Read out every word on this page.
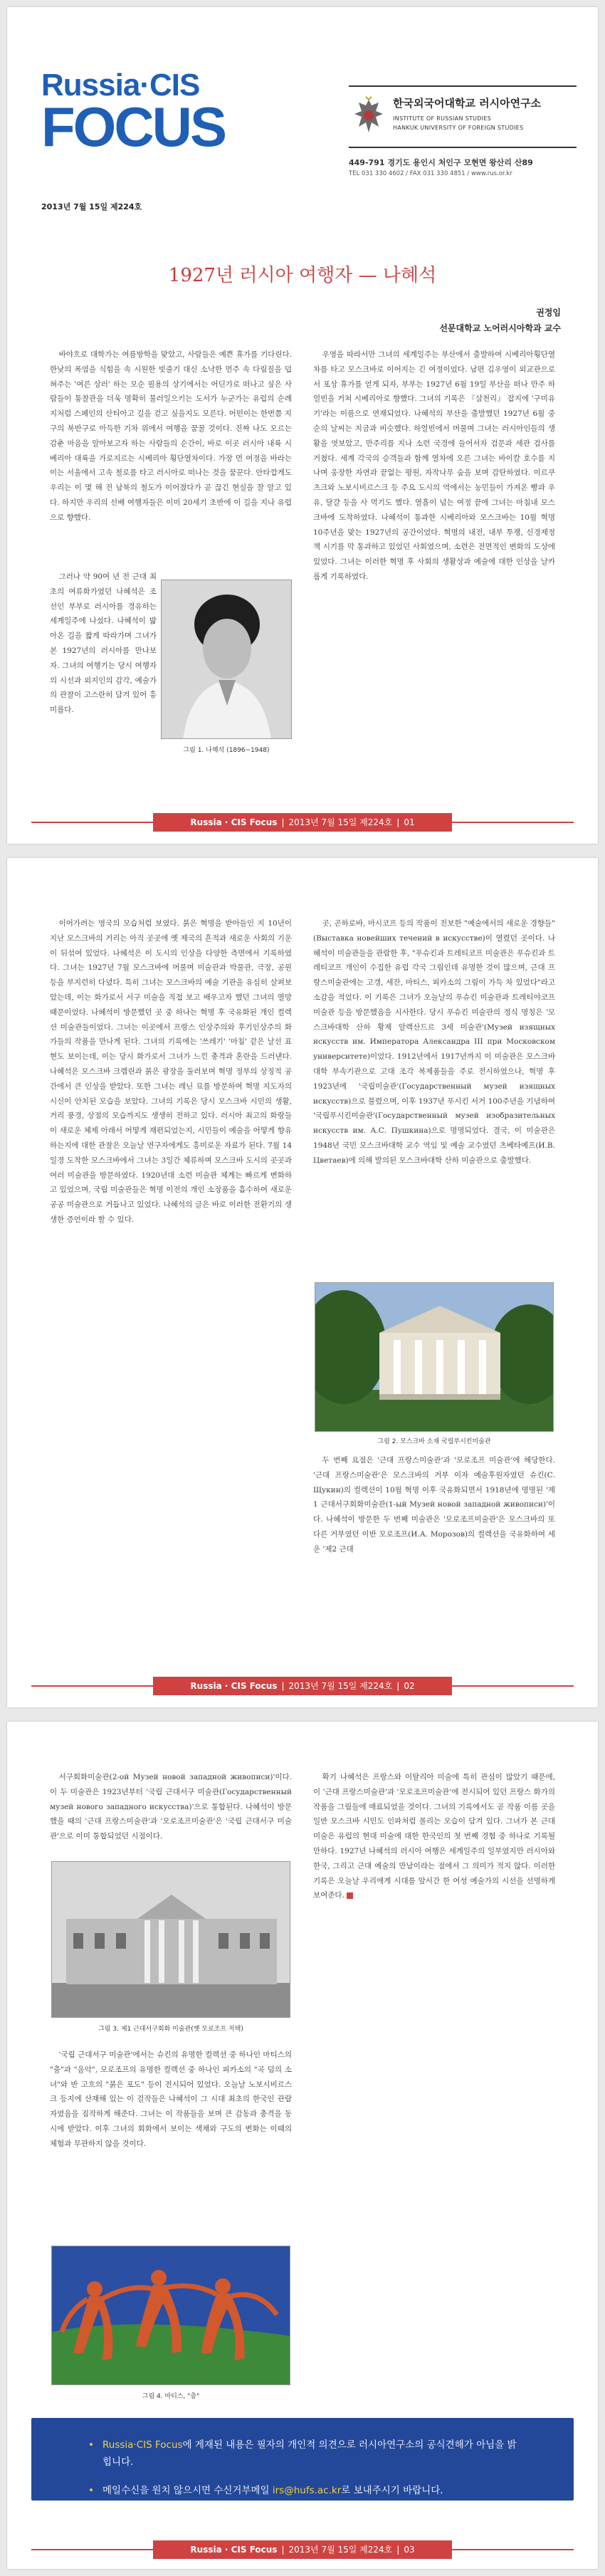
Russia·CIS
FOCUS
2013년 7월 15일 제224호
한국외국어대학교 러시아연구소
INSTITUTE OF RUSSIAN STUDIES
HANKUK UNIVERSITY OF FOREIGN STUDIES
449-791 경기도 용인시 처인구 모현면 왕산리 산89
TEL 031 330 4602 / FAX 031 330 4851 / www.rus.or.kr
1927년 러시아 여행자 — 나혜석
권정임
선문대학교 노어러시아학과 교수

바야흐로 대학가는 여름방학을 맞았고, 사람들은 예쁜 휴가를 기다린다. 한낮의 폭염을 식힘을 속 시원한 빗줄기 대신 소낙한 먼주 속 다림질을 덥혀주는 '여른 상러' 하는 모순 필용의 상기에서는 어딘가로 떠나고 싶은 사람들이 통찰관을 더욱 명확히 불러일으키는 도서가 누군가는 유럽의 순례지처럼 스페인의 산티아고 길을 걷고 싶을지도 모른다. 어떤이는 한번쯤 지구의 북반구로 아득한 기차 위에서 여행을 꿈꿀 것이다. 진짜 나도 모르는 감춘 마음을 알아보고자 하는 사람들의 순간이, 바로 이곳 러시아 내륙 시베리아 대륙을 가로지르는 시베리아 횡단열차이다. 가장 먼 여정을 바라는 이는 서울에서 고속 철로를 타고 러시아로 떠나는 것을 꿈꾼다. 안타깝게도 우리는 이 몇 해 전 남북의 철도가 이어졌다가 곧 끊긴 현실을 잘 알고 있다. 하지만 우리의 선배 여행자들은 이미 20세기 초반에 이 길을 지나 유럽으로 향했다.

그러나 약 90여 년 전 근대 최초의 여류화가였던 나혜석은 조선인 부부로 러시아를 경유하는 세계일주에 나섰다. 나혜석이 밟아온 길을 짧게 따라가며 그녀가 본 1927년의 러시아를 만나보자. 그녀의 여행기는 당시 여행자의 시선과 외지인의 감각, 예술가의 관찰이 고스란히 담겨 있어 흥미롭다.

그림 1. 나혜석 (1896~1948)

우영을 따라서만 그녀의 세계일주는 부산에서 출발하여 시베리아횡단열차를 타고 모스크바로 이어지는 긴 여정이었다. 남편 김우영이 외교관으로서 포상 휴가를 얻게 되자, 부부는 1927년 6월 19일 부산을 떠나 만주 하얼빈을 거쳐 시베리아로 향했다. 그녀의 기록은 『삼천리』 잡지에 '구미유기'라는 이름으로 연재되었다. 나혜석의 부산을 출발했던 1927년 6월 중순의 날씨는 지금과 비슷했다. 하얼빈에서 머물며 그녀는 러시아인들의 생활을 엿보았고, 만주리를 지나 소련 국경에 들어서자 검문과 세관 검사를 거쳤다. 세계 각국의 승객들과 함께 열차에 오른 그녀는 바이칼 호수를 지나며 웅장한 자연과 끝없는 평원, 자작나무 숲을 보며 감탄하였다. 이르쿠츠크와 노보시비르스크 등 주요 도시의 역에서는 농민들이 가져온 빵과 우유, 달걀 등을 사 먹기도 했다. 열흘이 넘는 여정 끝에 그녀는 마침내 모스크바에 도착하였다. 나혜석이 통과한 시베리아와 모스크바는 10월 혁명 10주년을 맞는 1927년의 공간이었다. 혁명의 내전, 내부 투쟁, 신경제정책 시기를 막 통과하고 있었던 사회였으며, 소련은 전면적인 변화의 도상에 있었다. 그녀는 이러한 혁명 후 사회의 생활상과 예술에 대한 인상을 날카롭게 기록하였다.

Russia · CIS Focus | 2013년 7월 15일 제224호 | 01

이어가려는 영국의 모습처럼 보였다. 붉은 혁명을 받아들인 지 10년이 지난 모스크바의 거리는 아직 곳곳에 옛 제국의 흔적과 새로운 사회의 기운이 뒤섞여 있었다. 나혜석은 이 도시의 인상을 다양한 측면에서 기록하였다. 그녀는 1927년 7월 모스크바에 머물며 미술관과 박물관, 극장, 공원 등을 부지런히 다녔다. 특히 그녀는 모스크바의 예술 기관을 유심히 살펴보았는데, 이는 화가로서 서구 미술을 직접 보고 배우고자 했던 그녀의 열망 때문이었다. 나혜석이 방문했던 곳 중 하나는 혁명 후 국유화된 개인 컬렉션 미술관들이었다. 그녀는 이곳에서 프랑스 인상주의와 후기인상주의 화가들의 작품을 만나게 된다. 그녀의 기록에는 '쓰레기' '마침' 같은 날선 표현도 보이는데, 이는 당시 화가로서 그녀가 느낀 충격과 혼란을 드러낸다. 나혜석은 모스크바 크렘린과 붉은 광장을 둘러보며 혁명 정부의 상징적 공간에서 큰 인상을 받았다. 또한 그녀는 레닌 묘를 방문하여 혁명 지도자의 시신이 안치된 모습을 보았다. 그녀의 기록은 당시 모스크바 시민의 생활, 거리 풍경, 상점의 모습까지도 생생히 전하고 있다. 러시아 최고의 화랑들이 새로운 체제 아래서 어떻게 재편되었는지, 시민들이 예술을 어떻게 향유하는지에 대한 관찰은 오늘날 연구자에게도 흥미로운 자료가 된다. 7월 14일경 도착한 모스크바에서 그녀는 3일간 체류하며 모스크바 도시의 곳곳과 여러 미술관을 방문하였다. 1920년대 소련 미술관 체계는 빠르게 변화하고 있었으며, 국립 미술관들은 혁명 이전의 개인 소장품을 흡수하여 새로운 공공 미술관으로 거듭나고 있었다. 나혜석의 글은 바로 이러한 전환기의 생생한 증언이라 할 수 있다.

곳, 곤하로바, 마시코프 등의 작품이 진보한 "예술에서의 새로운 경향들"(Выставка новейших течений в искусстве)이 열렸던 곳이다. 나혜석이 미술관들을 관람한 후, "푸슈킨과 트레티코프 미술관은 푸슈킨과 트레티코프 개인이 수집한 유럽 각국 그림인데 유명한 것이 많으며, 근대 프랑스미술관에는 고갱, 세잔, 마티스, 피카소의 그림이 가득 차 있었다"라고 소감을 적었다. 이 기록은 그녀가 오늘날의 푸슈킨 미술관과 트레티야코프 미술관 등을 방문했음을 시사한다. 당시 푸슈킨 미술관의 정식 명칭은 '모스크바대학 산하 황제 알렉산드르 3세 미술관'(Музей изящных искусств им. Императора Александра III при Московском университете)이었다. 1912년에서 1917년까지 이 미술관은 모스크바 대학 부속기관으로 고대 조각 복제품들을 주로 전시하였으나, 혁명 후 1923년에 '국립미술관'(Государственный музей изящных искусств)으로 불렸으며, 이후 1937년 푸시킨 서거 100주년을 기념하여 '국립푸시킨미술관'(Государственный музей изобразительных искусств им. А.С. Пушкина)으로 명명되었다. 결국, 이 미술관은 1948년 국민 모스크바대학 교수 역임 및 예술 교수였던 츠베타예프(И.В. Цветаев)에 의해 발의된 모스크바대학 산하 미술관으로 출발했다.

그림 2. 모스크바 소재 국립푸시킨미술관

두 번째 요점은 '근대 프랑스미술관'과 '모로조프 미술관'에 해당한다. '근대 프랑스미술관'은 모스크바의 거부 이자 예술후원자였던 슈킨(С. Щукин)의 컬렉션이 10월 혁명 이후 국유화되면서 1918년에 명명된 '제1 근대서구회화미술관(1-ый Музей новой западной живописи)'이다. 나혜석이 방문한 두 번째 미술관은 '모로조프미술관'은 모스크바의 또 다른 거부였던 이반 모로조프(И.А. Морозов)의 컬렉션을 국유화하여 세운 '제2 근대

Russia · CIS Focus | 2013년 7월 15일 제224호 | 02

서구회화미술관(2-ой Музей новой западной живописи)'이다. 이 두 미술관은 1923년부터 '국립 근대서구 미술관(Государственный музей нового западного искусства)'으로 통합된다. 나혜석이 방문했을 때의 '근대 프랑스미술관'과 '모로조프미술관'은 '국립 근대서구 미술관'으로 이미 통합되었던 시점이다.

그림 3. 제1 근대서구회화 미술관(옛 모로조프 저택)

'국립 근대서구 미술관'에서는 슈킨의 유명한 컬렉션 중 하나인 마티스의 "춤"과 "음악", 모로조프의 유명한 컬렉션 중 하나인 피카소의 "곡 덤의 소녀"와 반 고흐의 "붉은 포도" 등이 전시되어 있었다. 오늘날 노보시비르스크 등지에 산재해 있는 이 걸작들은 나혜석이 그 시대 최초의 한국인 관람자였음을 짐작하게 해준다. 그녀는 이 작품들을 보며 큰 감동과 충격을 동시에 받았다. 이후 그녀의 회화에서 보이는 색채와 구도의 변화는 이때의 체험과 무관하지 않을 것이다.

그림 4. 마티스, "춤"

확기 나혜석은 프랑스와 이탈리아 미술에 특히 관심이 많았기 때문에, 이 '근대 프랑스미술관'과 '모로조프미술관'에 전시되어 있던 프랑스 화가의 작품을 그림들에 매료되었을 것이다. 그녀의 기록에서도 곧 작품 이름 곳을 일반 모스크바 시민도 인파처럼 몰리는 모습이 담겨 있다. 그녀가 본 근대 미술은 유럽의 현대 미술에 대한 한국인의 첫 번째 경험 중 하나로 기록될 만하다. 1927년 나혜석의 러시아 여행은 세계일주의 일부였지만 러시아와 한국, 그리고 근대 예술의 만남이라는 점에서 그 의미가 적지 않다. 이러한 기록은 오늘날 우리에게 시대를 앞서간 한 여성 예술가의 시선을 선명하게 보여준다.

• Russia·CIS Focus에 게재된 내용은 필자의 개인적 의견으로 러시아연구소의 공식견해가 아님을 밝힙니다.
• 메일수신을 원치 않으시면 수신거부메일 irs@hufs.ac.kr로 보내주시기 바랍니다.
Russia · CIS Focus | 2013년 7월 15일 제224호 | 03
